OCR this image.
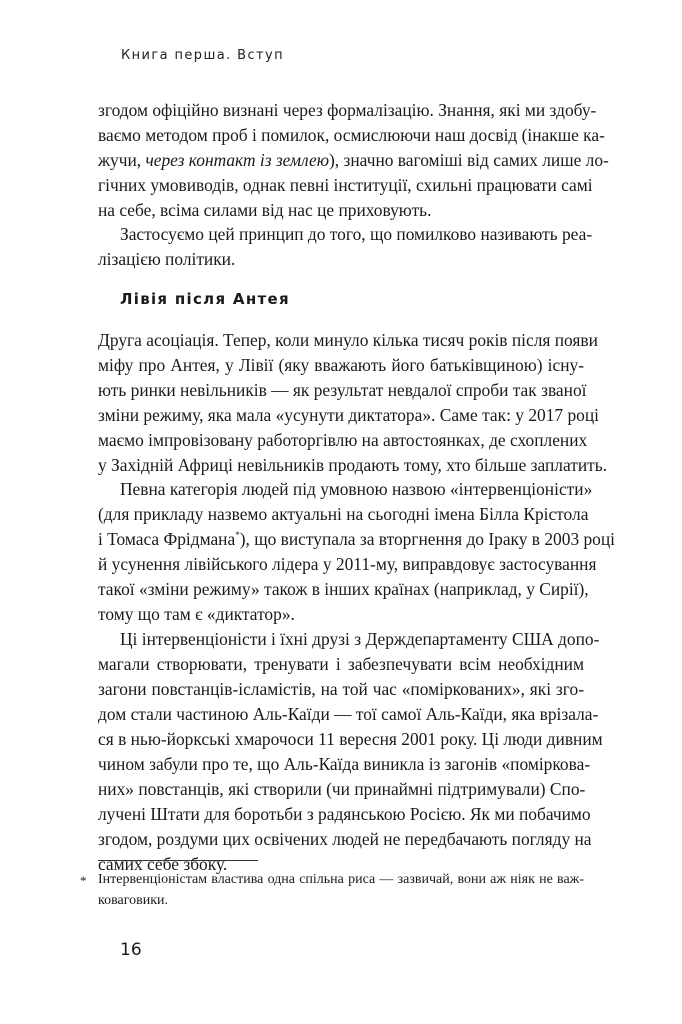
Книга перша. Вступ
згодом офіційно визнані через формалізацію. Знання, які ми здобу-
ваємо методом проб і помилок, осмислюючи наш досвід (інакше ка-
жучи, через контакт із землею), значно вагоміші від самих лише ло-
гічних умовиводів, однак певні інституції, схильні працювати самі
на себе, всіма силами від нас це приховують.
Застосуємо цей принцип до того, що помилково називають реа-
лізацією політики.
Лівія після Антея
Друга асоціація. Тепер, коли минуло кілька тисяч років після появи
міфу про Антея, у Лівії (яку вважають його батьківщиною) існу-
ють ринки невільників — як результат невдалої спроби так званої
зміни режиму, яка мала «усунути диктатора». Саме так: у 2017 році
маємо імпровізовану работоргівлю на автостоянках, де схоплених
у Західній Африці невільників продають тому, хто більше заплатить.
Певна категорія людей під умовною назвою «інтервенціоністи»
(для прикладу назвемо актуальні на сьогодні імена Білла Крістола
і Томаса Фрідмана*), що виступала за вторгнення до Іраку в 2003 році
й усунення лівійського лідера у 2011-му, виправдовує застосування
такої «зміни режиму» також в інших країнах (наприклад, у Сирії),
тому що там є «диктатор».
Ці інтервенціоністи і їхні друзі з Держдепартаменту США допо-
магали створювати, тренувати і забезпечувати всім необхідним
загони повстанців-ісламістів, на той час «поміркованих», які зго-
дом стали частиною Аль-Каїди — тої самої Аль-Каїди, яка врізала-
ся в нью-йоркські хмарочоси 11 вересня 2001 року. Ці люди дивним
чином забули про те, що Аль-Каїда виникла із загонів «поміркова-
них» повстанців, які створили (чи принаймні підтримували) Спо-
лучені Штати для боротьби з радянською Росією. Як ми побачимо
згодом, роздуми цих освічених людей не передбачають погляду на
самих себе збоку.
* Інтервенціоністам властива одна спільна риса — зазвичай, вони аж ніяк не важ-
коваговики.
16
